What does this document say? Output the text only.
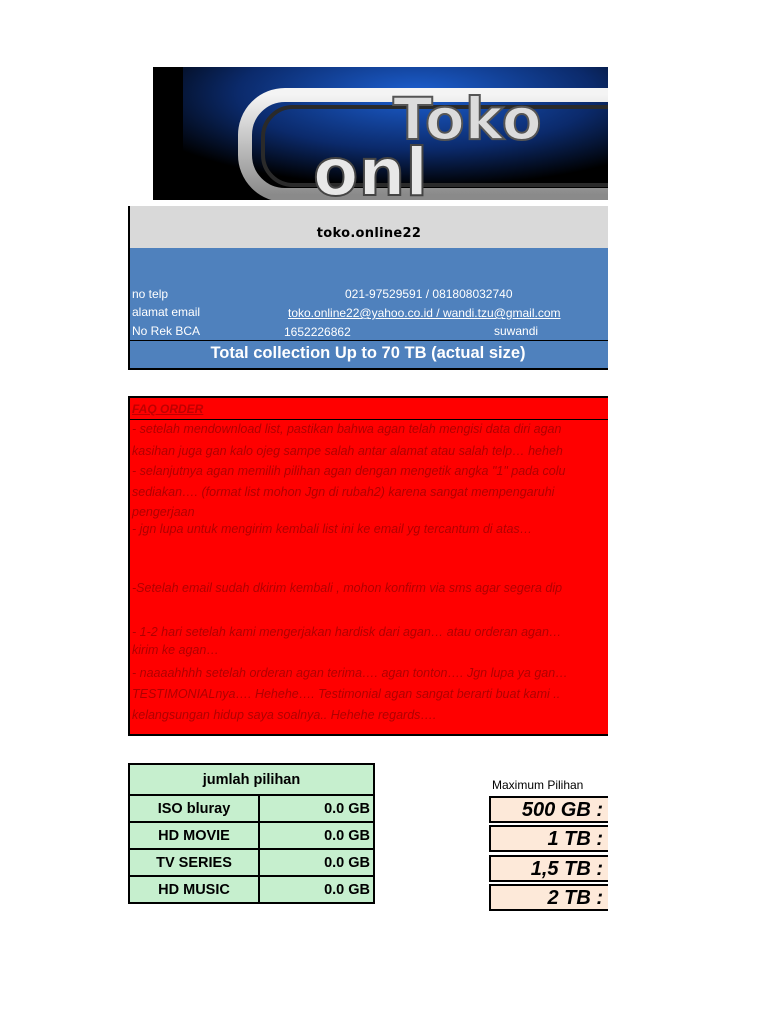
Toko
onl
toko.online22
no telp	021-97529591 / 081808032740
alamat email	toko.online22@yahoo.co.id / wandi.tzu@gmail.com
No Rek BCA	1652226862	suwandi
Total collection Up to 70 TB (actual size)
FAQ ORDER
- setelah mendownload list, pastikan bahwa agan telah mengisi data diri agan
kasihan juga gan kalo ojeg sampe salah antar alamat atau salah telp… heheh
- selanjutnya agan memilih pilihan agan dengan mengetik angka "1" pada colu
sediakan…. (format list mohon Jgn di rubah2) karena sangat mempengaruhi
pengerjaan
- jgn lupa untuk mengirim kembali list ini ke email yg tercantum di atas…
-Setelah email sudah dkirim kembali , mohon konfirm via sms agar segera dip
- 1-2 hari setelah kami mengerjakan hardisk dari agan… atau orderan agan…
kirim ke agan…
- naaaahhhh setelah orderan agan terima…. agan tonton…. Jgn lupa ya gan…
TESTIMONIALnya…. Hehehe…. Testimonial agan sangat berarti buat kami ..
kelangsungan hidup saya soalnya.. Hehehe regards….
jumlah pilihan	
ISO bluray	0.0 GB
HD MOVIE	0.0 GB
TV SERIES	0.0 GB
HD MUSIC	0.0 GB
Maximum Pilihan
500 GB :
1 TB :
1,5 TB :
2 TB :
